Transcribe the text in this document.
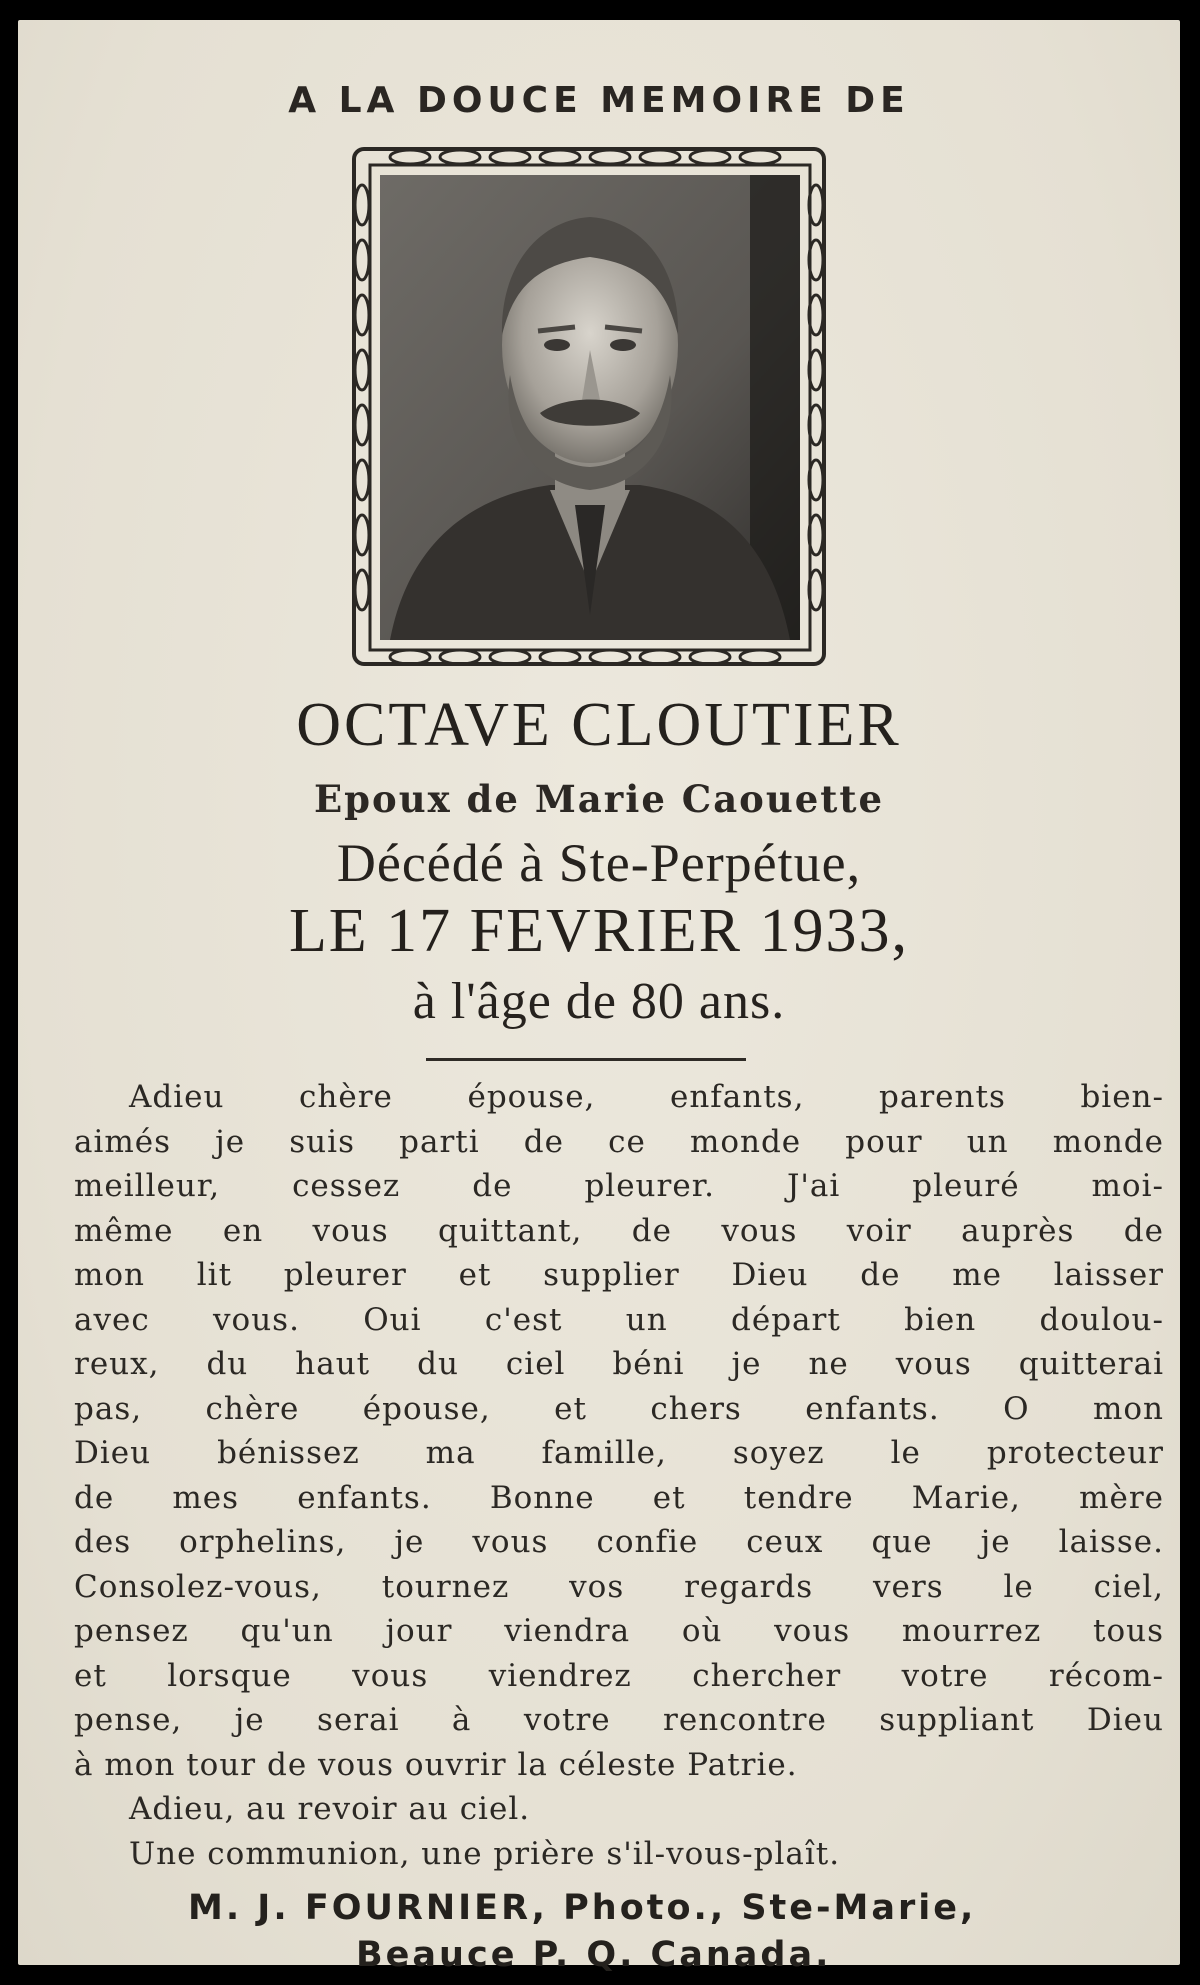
A LA DOUCE MEMOIRE DE
OCTAVE CLOUTIER
Epoux de Marie Caouette
Décédé à Ste-Perpétue,
LE 17 FEVRIER 1933,
à l'âge de 80 ans.
Adieu chère épouse, enfants, parents bien-
aimés je suis parti de ce monde pour un monde
meilleur, cessez de pleurer. J'ai pleuré moi-
même en vous quittant, de vous voir auprès de
mon lit pleurer et supplier Dieu de me laisser
avec vous. Oui c'est un départ bien doulou-
reux, du haut du ciel béni je ne vous quitterai
pas, chère épouse, et chers enfants. O mon
Dieu bénissez ma famille, soyez le protecteur
de mes enfants. Bonne et tendre Marie, mère
des orphelins, je vous confie ceux que je laisse.
Consolez-vous, tournez vos regards vers le ciel,
pensez qu'un jour viendra où vous mourrez tous
et lorsque vous viendrez chercher votre récom-
pense, je serai à votre rencontre suppliant Dieu
à mon tour de vous ouvrir la céleste Patrie.
Adieu, au revoir au ciel.
Une communion, une prière s'il-vous-plaît.
M. J. FOURNIER, Photo., Ste-Marie,
Beauce P. Q. Canada.
